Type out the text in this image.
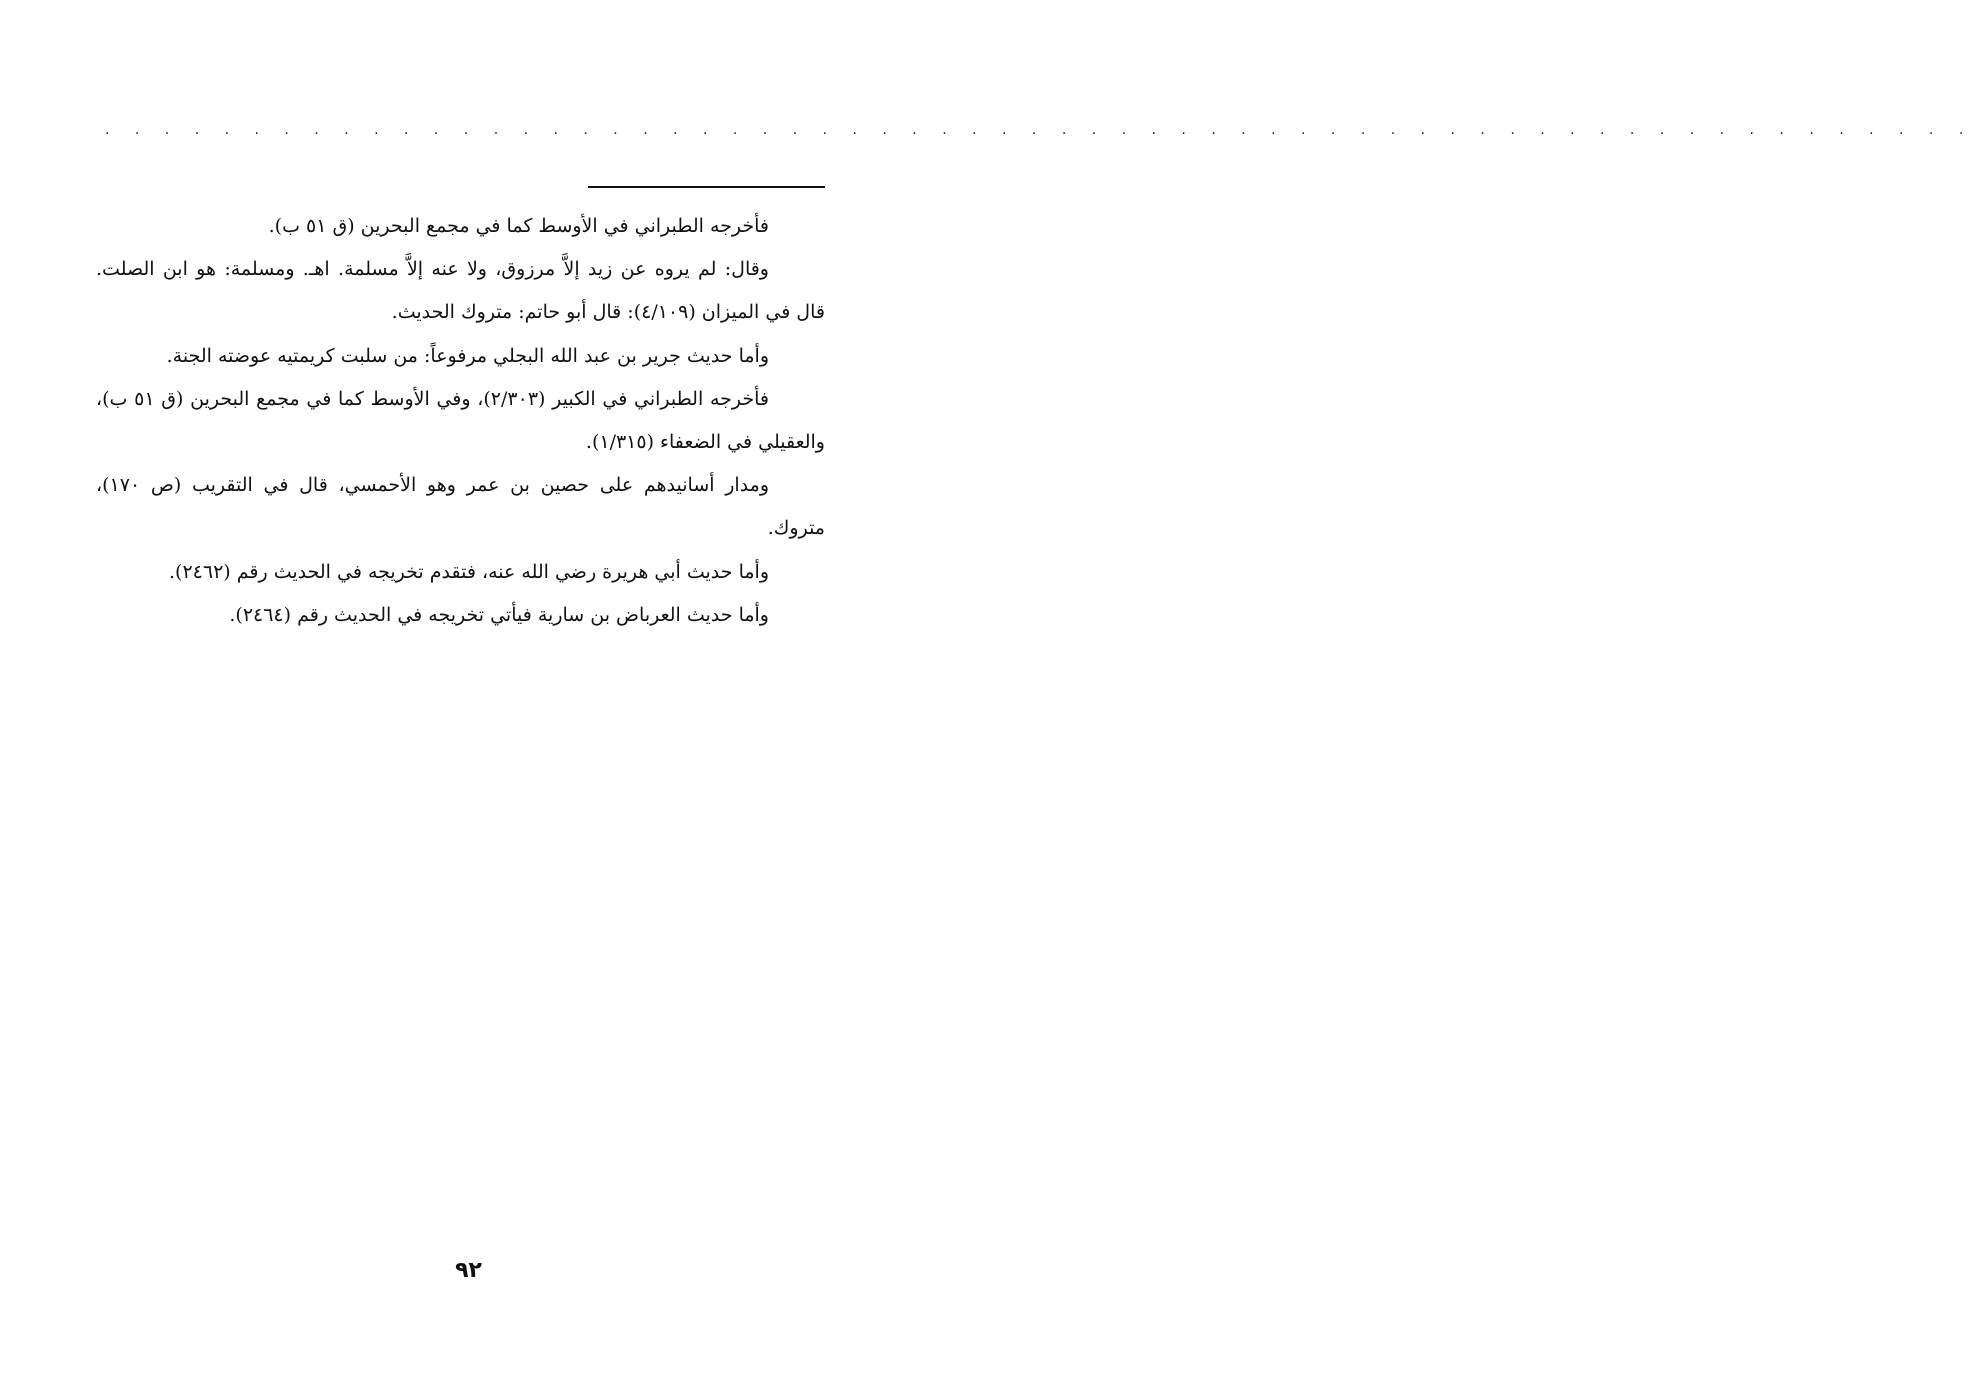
. . . . . . . . . . . . . . . . . . . . . . . . . . . . . . . . . . . . . . . . . . . . . . . . . . . . . . . . . . . . . . .

فأخرجه الطبراني في الأوسط كما في مجمع البحرين (ق ٥١ ب).

وقال: لم يروه عن زيد إلاَّ مرزوق، ولا عنه إلاَّ مسلمة. اهـ. ومسلمة: هو ابن الصلت. قال في الميزان (٤/١٠٩): قال أبو حاتم: متروك الحديث.

وأما حديث جرير بن عبد الله البجلي مرفوعاً: من سلبت كريمتيه عوضته الجنة.

فأخرجه الطبراني في الكبير (٢/٣٠٣)، وفي الأوسط كما في مجمع البحرين (ق ٥١ ب)، والعقيلي في الضعفاء (١/٣١٥).

ومدار أسانيدهم على حصين بن عمر وهو الأحمسي، قال في التقريب (ص ١٧٠)، متروك.

وأما حديث أبي هريرة رضي الله عنه، فتقدم تخريجه في الحديث رقم (٢٤٦٢).

وأما حديث العرباض بن سارية فيأتي تخريجه في الحديث رقم (٢٤٦٤).

٩٢
